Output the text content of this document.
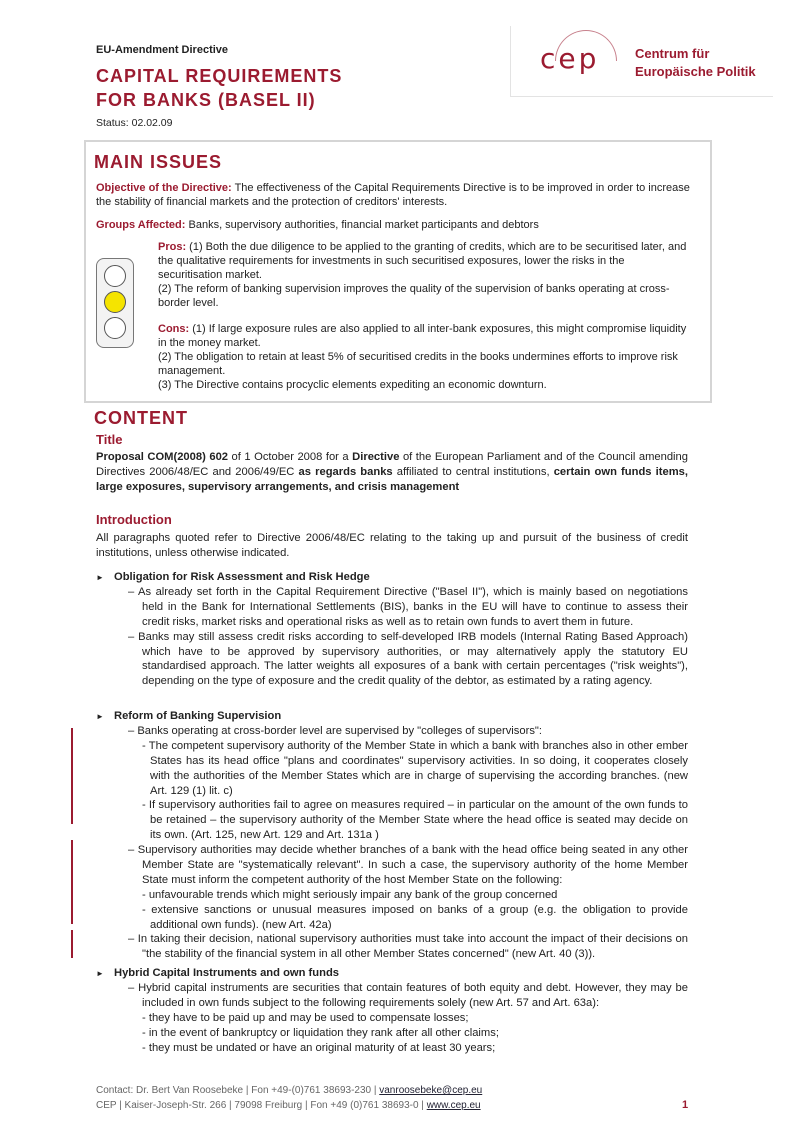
EU-Amendment Directive
CAPITAL REQUIREMENTS
FOR BANKS (BASEL II)
Status: 02.02.09
cep	Centrum für
Europäische Politik
MAIN ISSUES
Objective of the Directive: The effectiveness of the Capital Requirements Directive is to be improved in order to increase the stability of financial markets and the protection of creditors' interests.
Groups Affected: Banks, supervisory authorities, financial market participants and debtors
Pros: (1) Both the due diligence to be applied to the granting of credits, which are to be securitised later, and the qualitative requirements for investments in such securitised exposures, lower the risks in the securitisation market.
(2) The reform of banking supervision improves the quality of the supervision of banks operating at cross-border level.
Cons: (1) If large exposure rules are also applied to all inter-bank exposures, this might compromise liquidity in the money market.
(2) The obligation to retain at least 5% of securitised credits in the books undermines efforts to improve risk management.
(3) The Directive contains procyclic elements expediting an economic downturn.
CONTENT
Title
Proposal COM(2008) 602 of 1 October 2008 for a Directive of the European Parliament and of the Council amending Directives 2006/48/EC and 2006/49/EC as regards banks affiliated to central institutions, certain own funds items, large exposures, supervisory arrangements, and crisis management
Introduction
All paragraphs quoted refer to Directive 2006/48/EC relating to the taking up and pursuit of the business of credit institutions, unless otherwise indicated.
► Obligation for Risk Assessment and Risk Hedge

– As already set forth in the Capital Requirement Directive ("Basel II"), which is mainly based on negotiations held in the Bank for International Settlements (BIS), banks in the EU will have to continue to assess their credit risks, market risks and operational risks as well as to retain own funds to avert them in future.

– Banks may still assess credit risks according to self-developed IRB models (Internal Rating Based Approach) which have to be approved by supervisory authorities, or may alternatively apply the statutory EU standardised approach. The latter weights all exposures of a bank with certain percentages ("risk weights"), depending on the type of exposure and the credit quality of the debtor, as estimated by a rating agency.

► Reform of Banking Supervision

– Banks operating at cross-border level are supervised by "colleges of supervisors":

- The competent supervisory authority of the Member State in which a bank with branches also in other ember States has its head office "plans and coordinates" supervisory activities. In so doing, it cooperates closely with the authorities of the Member States which are in charge of supervising the according branches. (new Art. 129 (1) lit. c)

- If supervisory authorities fail to agree on measures required – in particular on the amount of the own funds to be retained – the supervisory authority of the Member State where the head office is seated may decide on its own. (Art. 125, new Art. 129 and Art. 131a )

– Supervisory authorities may decide whether branches of a bank with the head office being seated in any other Member State are "systematically relevant". In such a case, the supervisory authority of the home Member State must inform the competent authority of the host Member State on the following:

- unfavourable trends which might seriously impair any bank of the group concerned

- extensive sanctions or unusual measures imposed on banks of a group (e.g. the obligation to provide additional own funds). (new Art. 42a)

– In taking their decision, national supervisory authorities must take into account the impact of their decisions on "the stability of the financial system in all other Member States concerned" (new Art. 40 (3)).

► Hybrid Capital Instruments and own funds

– Hybrid capital instruments are securities that contain features of both equity and debt. However, they may be included in own funds subject to the following requirements solely (new Art. 57 and Art. 63a):

- they have to be paid up and may be used to compensate losses;

- in the event of bankruptcy or liquidation they rank after all other claims;

- they must be undated or have an original maturity of at least 30 years;

Contact: Dr. Bert Van Roosebeke | Fon +49-(0)761 38693-230 | vanroosebeke@cep.eu
CEP | Kaiser-Joseph-Str. 266 | 79098 Freiburg | Fon +49 (0)761 38693-0 | www.cep.eu	1
